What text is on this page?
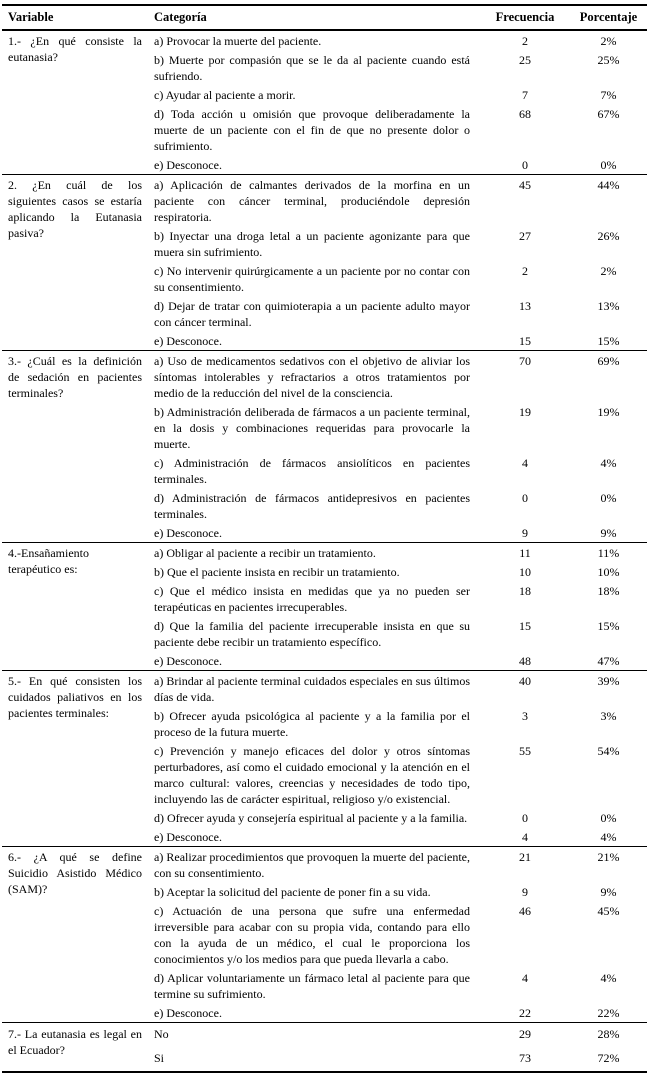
Variable	Categoría	Frecuencia	Porcentaje
1.- ¿En qué consiste la eutanasia?	a) Provocar la muerte del paciente.	2	2%
	b) Muerte por compasión que se le da al paciente cuando está sufriendo.	25	25%
	c) Ayudar al paciente a morir.	7	7%
	d) Toda acción u omisión que provoque deliberadamente la muerte de un paciente con el fin de que no presente dolor o sufrimiento.	68	67%
	e) Desconoce.	0	0%
2. ¿En cuál de los siguientes casos se estaría aplicando la Eutanasia pasiva?	a) Aplicación de calmantes derivados de la morfina en un paciente con cáncer terminal, produciéndole depresión respiratoria.	45	44%
	b) Inyectar una droga letal a un paciente agonizante para que muera sin sufrimiento.	27	26%
	c) No intervenir quirúrgicamente a un paciente por no contar con su consentimiento.	2	2%
	d) Dejar de tratar con quimioterapia a un paciente adulto mayor con cáncer terminal.	13	13%
	e) Desconoce.	15	15%
3.- ¿Cuál es la definición de sedación en pacientes terminales?	a) Uso de medicamentos sedativos con el objetivo de aliviar los síntomas intolerables y refractarios a otros tratamientos por medio de la reducción del nivel de la consciencia.	70	69%
	b) Administración deliberada de fármacos a un paciente terminal, en la dosis y combinaciones requeridas para provocarle la muerte.	19	19%
	c) Administración de fármacos ansiolíticos en pacientes terminales.	4	4%
	d) Administración de fármacos antidepresivos en pacientes terminales.	0	0%
	e) Desconoce.	9	9%
4.-Ensañamiento terapéutico es:	a) Obligar al paciente a recibir un tratamiento.	11	11%
	b) Que el paciente insista en recibir un tratamiento.	10	10%
	c) Que el médico insista en medidas que ya no pueden ser terapéuticas en pacientes irrecuperables.	18	18%
	d) Que la familia del paciente irrecuperable insista en que su paciente debe recibir un tratamiento específico.	15	15%
	e) Desconoce.	48	47%
5.- En qué consisten los cuidados paliativos en los pacientes terminales:	a) Brindar al paciente terminal cuidados especiales en sus últimos días de vida.	40	39%
	b) Ofrecer ayuda psicológica al paciente y a la familia por el proceso de la futura muerte.	3	3%
	c) Prevención y manejo eficaces del dolor y otros síntomas perturbadores, así como el cuidado emocional y la atención en el marco cultural: valores, creencias y necesidades de todo tipo, incluyendo las de carácter espiritual, religioso y/o existencial.	55	54%
	d) Ofrecer ayuda y consejería espiritual al paciente y a la familia.	0	0%
	e) Desconoce.	4	4%
6.- ¿A qué se define Suicidio Asistido Médico (SAM)?	a) Realizar procedimientos que provoquen la muerte del paciente, con su consentimiento.	21	21%
	b) Aceptar la solicitud del paciente de poner fin a su vida.	9	9%
	c) Actuación de una persona que sufre una enfermedad irreversible para acabar con su propia vida, contando para ello con la ayuda de un médico, el cual le proporciona los conocimientos y/o los medios para que pueda llevarla a cabo.	46	45%
	d) Aplicar voluntariamente un fármaco letal al paciente para que termine su sufrimiento.	4	4%
	e) Desconoce.	22	22%
7.- La eutanasia es legal en el Ecuador?	No	29	28%
	Si	73	72%
